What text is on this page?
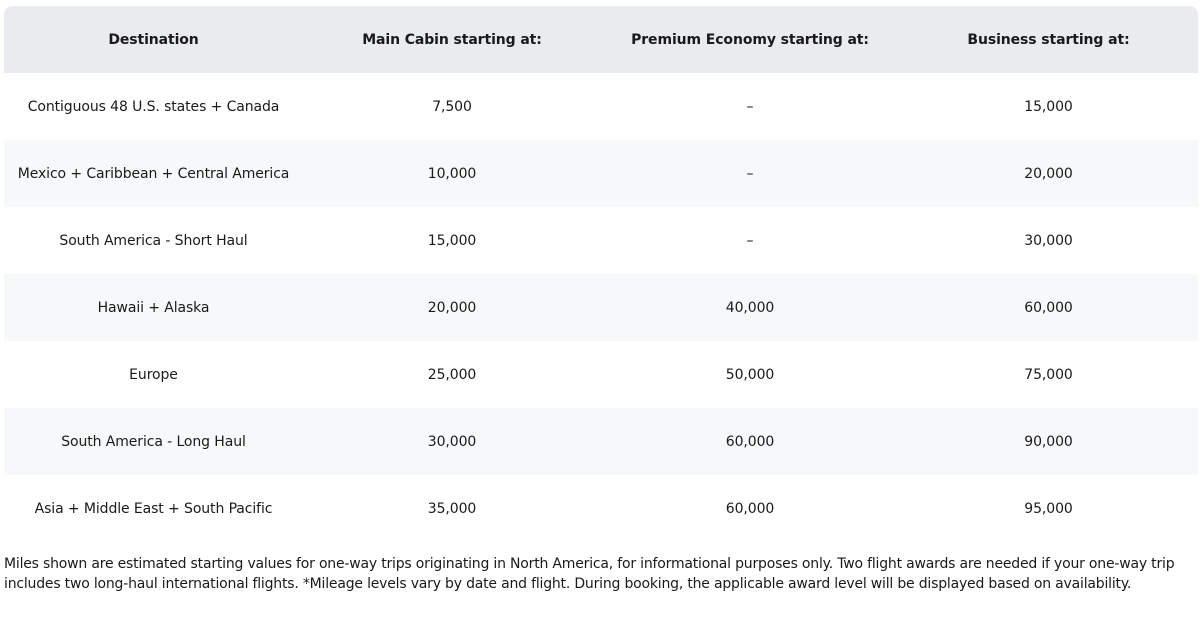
Destination	Main Cabin starting at:	Premium Economy starting at:	Business starting at:
Contiguous 48 U.S. states + Canada	7,500	–	15,000
Mexico + Caribbean + Central America	10,000	–	20,000
South America - Short Haul	15,000	–	30,000
Hawaii + Alaska	20,000	40,000	60,000
Europe	25,000	50,000	75,000
South America - Long Haul	30,000	60,000	90,000
Asia + Middle East + South Pacific	35,000	60,000	95,000

Miles shown are estimated starting values for one-way trips originating in North America, for informational purposes only. Two flight awards are needed if your one-way trip includes two long-haul international flights. *Mileage levels vary by date and flight. During booking, the applicable award level will be displayed based on availability.
